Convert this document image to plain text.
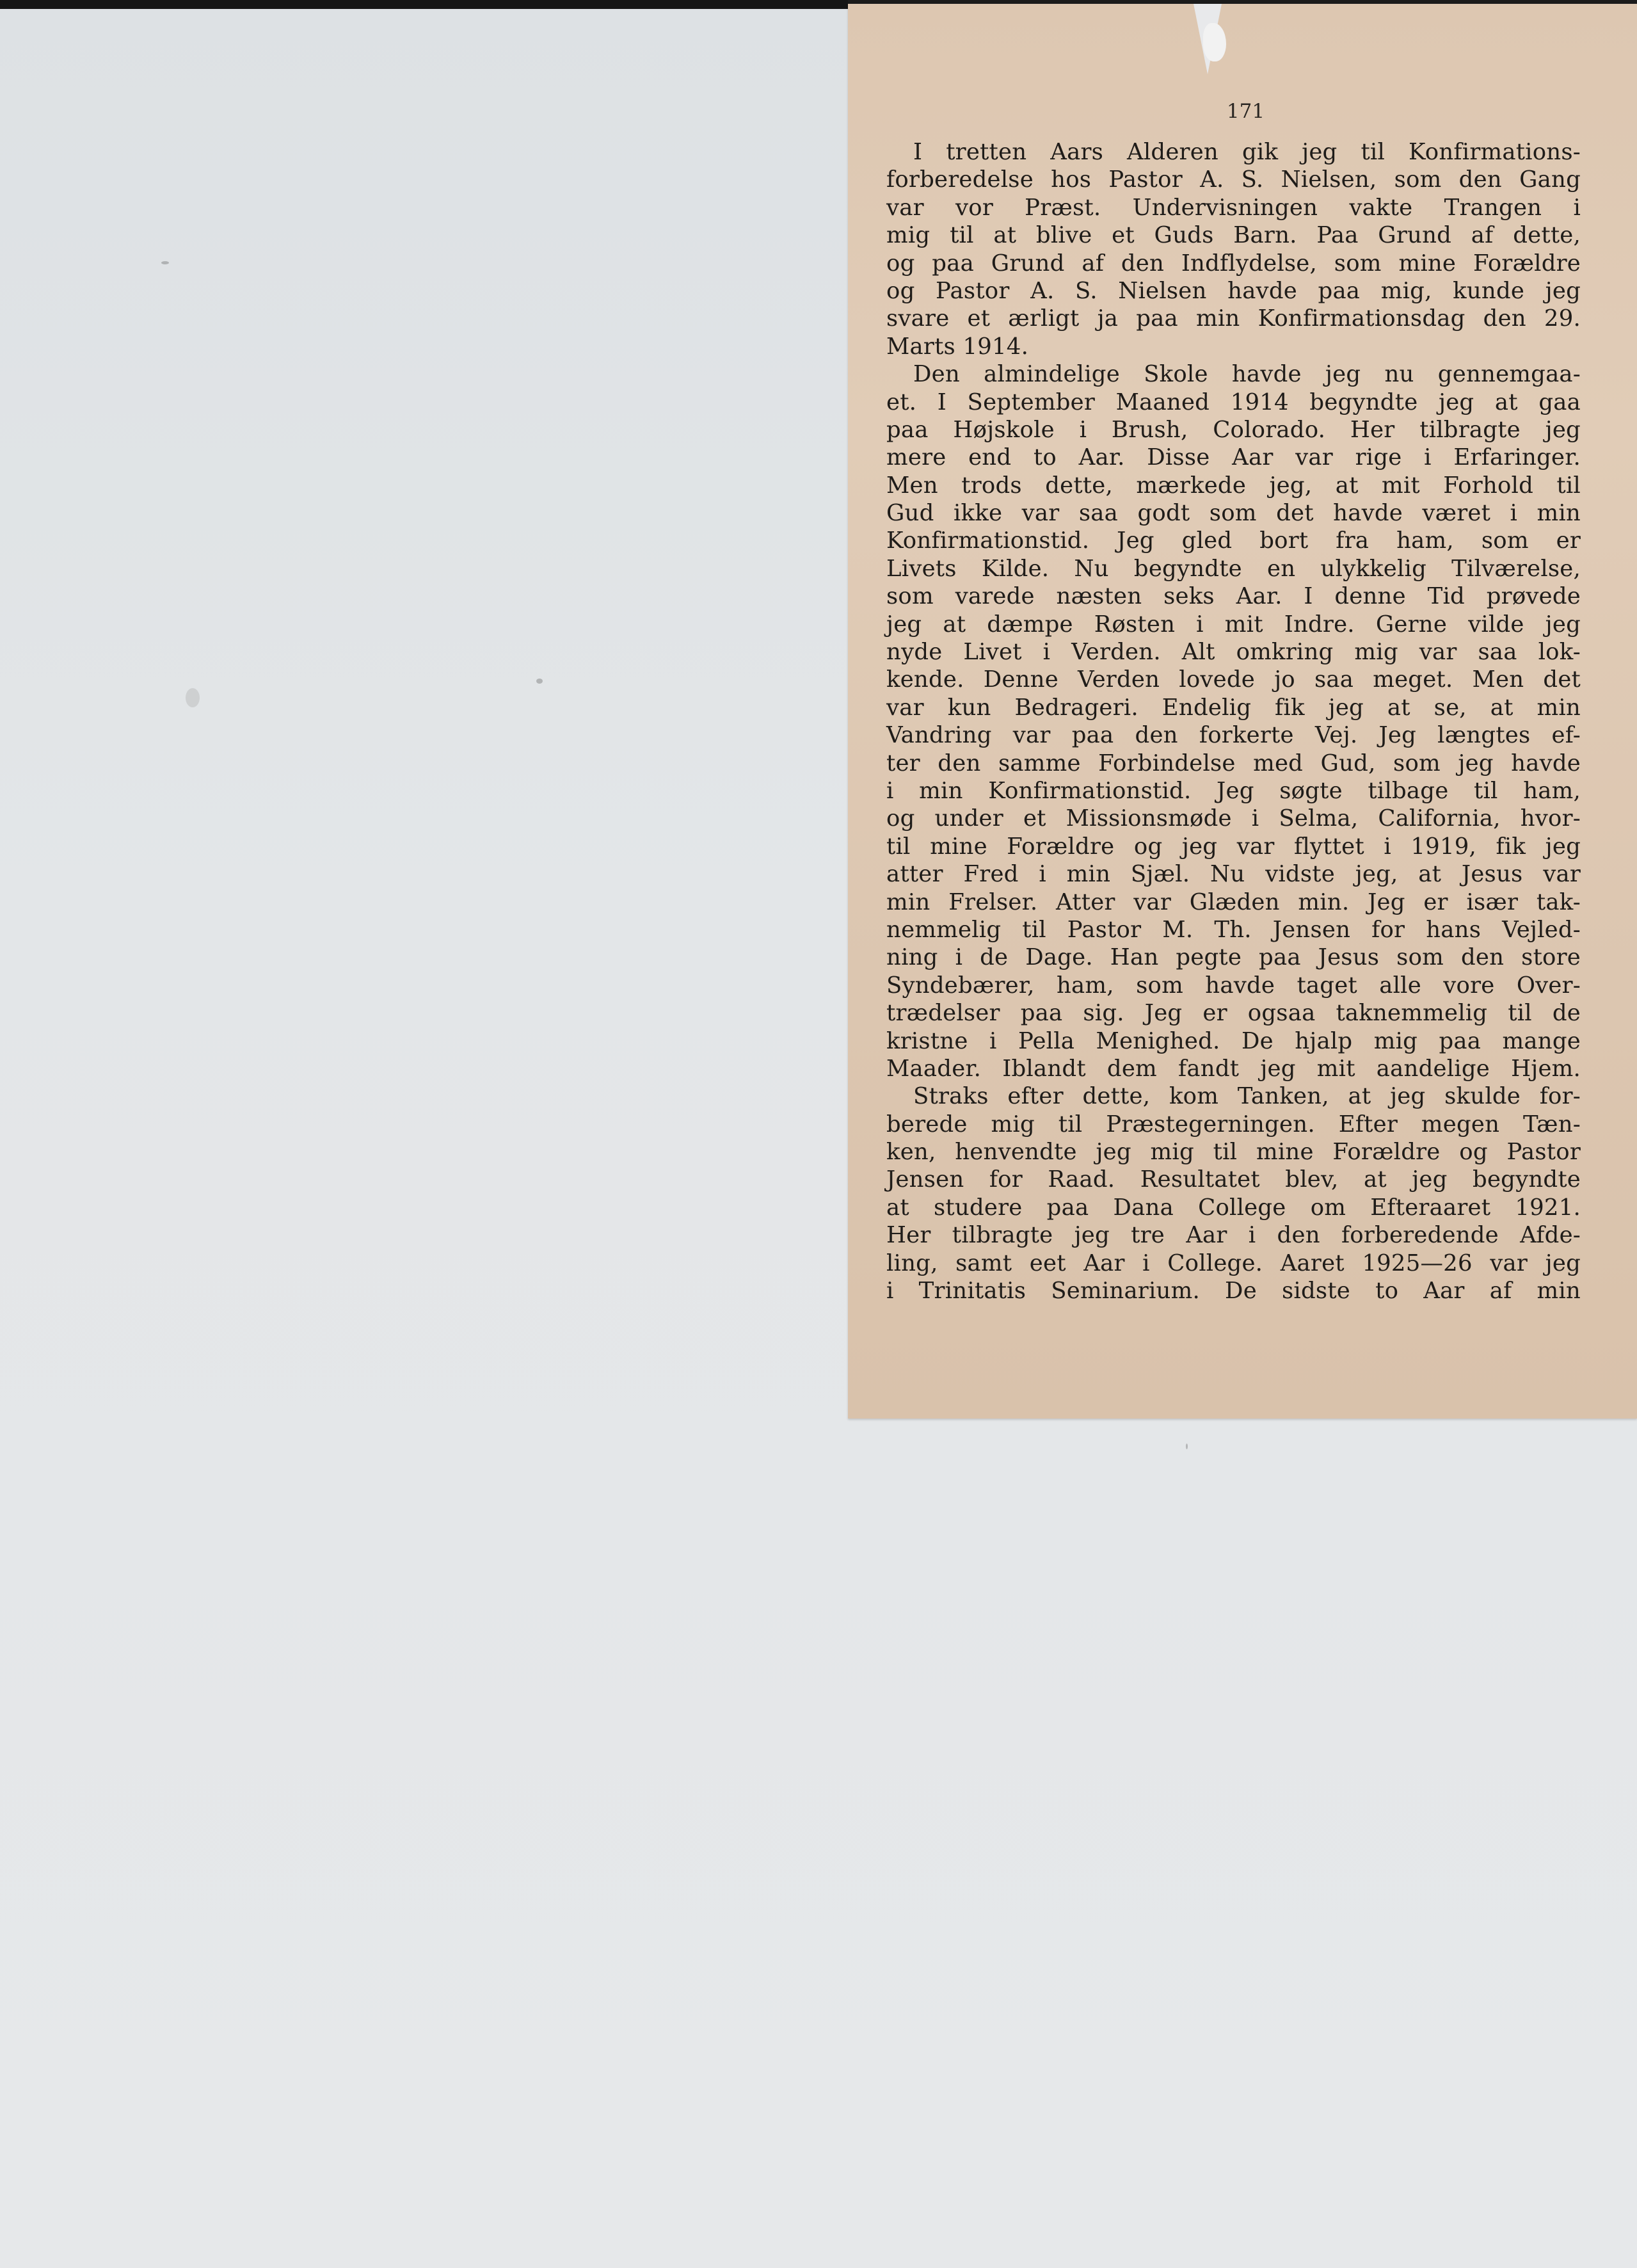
171
I tretten Aars Alderen gik jeg til Konfirmations-
forberedelse hos Pastor A. S. Nielsen, som den Gang
var vor Præst. Undervisningen vakte Trangen i
mig til at blive et Guds Barn. Paa Grund af dette,
og paa Grund af den Indflydelse, som mine Forældre
og Pastor A. S. Nielsen havde paa mig, kunde jeg
svare et ærligt ja paa min Konfirmationsdag den 29.
Marts 1914.
Den almindelige Skole havde jeg nu gennemgaa-
et. I September Maaned 1914 begyndte jeg at gaa
paa Højskole i Brush, Colorado. Her tilbragte jeg
mere end to Aar. Disse Aar var rige i Erfaringer.
Men trods dette, mærkede jeg, at mit Forhold til
Gud ikke var saa godt som det havde været i min
Konfirmationstid. Jeg gled bort fra ham, som er
Livets Kilde. Nu begyndte en ulykkelig Tilværelse,
som varede næsten seks Aar. I denne Tid prøvede
jeg at dæmpe Røsten i mit Indre. Gerne vilde jeg
nyde Livet i Verden. Alt omkring mig var saa lok-
kende. Denne Verden lovede jo saa meget. Men det
var kun Bedrageri. Endelig fik jeg at se, at min
Vandring var paa den forkerte Vej. Jeg længtes ef-
ter den samme Forbindelse med Gud, som jeg havde
i min Konfirmationstid. Jeg søgte tilbage til ham,
og under et Missionsmøde i Selma, California, hvor-
til mine Forældre og jeg var flyttet i 1919, fik jeg
atter Fred i min Sjæl. Nu vidste jeg, at Jesus var
min Frelser. Atter var Glæden min. Jeg er især tak-
nemmelig til Pastor M. Th. Jensen for hans Vejled-
ning i de Dage. Han pegte paa Jesus som den store
Syndebærer, ham, som havde taget alle vore Over-
trædelser paa sig. Jeg er ogsaa taknemmelig til de
kristne i Pella Menighed. De hjalp mig paa mange
Maader. Iblandt dem fandt jeg mit aandelige Hjem.
Straks efter dette, kom Tanken, at jeg skulde for-
berede mig til Præstegerningen. Efter megen Tæn-
ken, henvendte jeg mig til mine Forældre og Pastor
Jensen for Raad. Resultatet blev, at jeg begyndte
at studere paa Dana College om Efteraaret 1921.
Her tilbragte jeg tre Aar i den forberedende Afde-
ling, samt eet Aar i College. Aaret 1925—26 var jeg
i Trinitatis Seminarium. De sidste to Aar af min
